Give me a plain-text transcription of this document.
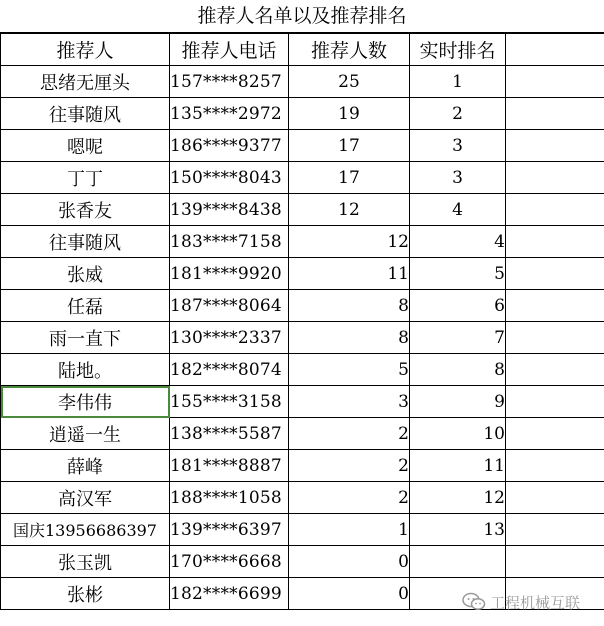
推荐人名单以及推荐排名
推荐人	推荐人电话	推荐人数	实时排名	
思绪无厘头	157****8257	25	1	
往事随风	135****2972	19	2	
嗯呢	186****9377	17	3	
丁丁	150****8043	17	3	
张香友	139****8438	12	4	
往事随风	183****7158	12	4	
张威	181****9920	11	5	
任磊	187****8064	8	6	
雨一直下	130****2337	8	7	
陆地。	182****8074	5	8	
李伟伟	155****3158	3	9	
逍遥一生	138****5587	2	10	
薛峰	181****8887	2	11	
高汉军	188****1058	2	12	
国庆13956686397	139****6397	1	13	
张玉凯	170****6668	0		
张彬	182****6699	0			工程机械互联
